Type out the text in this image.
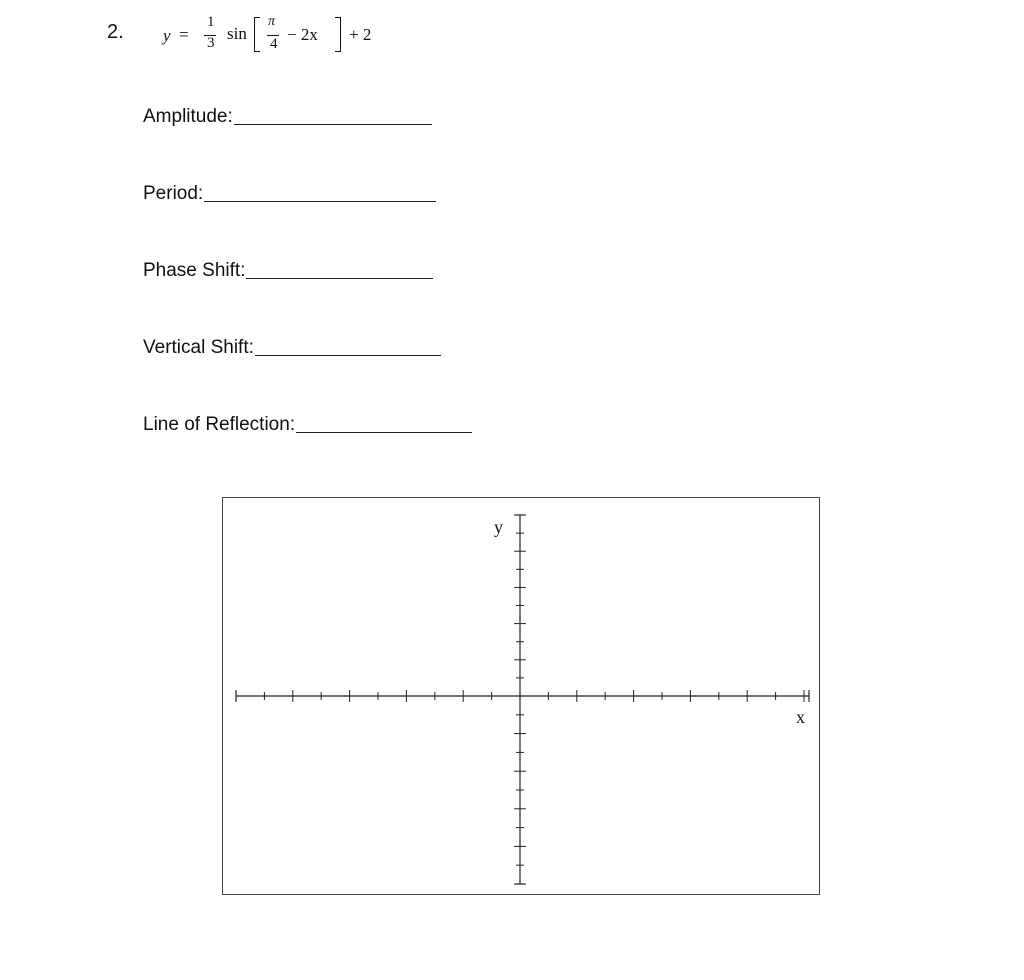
2. y =
1
3 sin
π
4 − 2x + 2
Amplitude:
Period:
Phase Shift:
Vertical Shift:
Line of Reflection:
y
x
